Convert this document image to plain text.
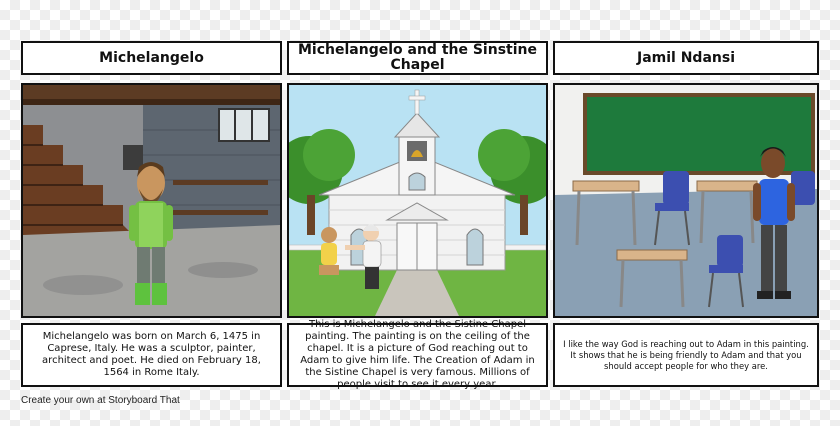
Michelangelo	Michelangelo and the Sinstine Chapel	Jamil Ndansi
Michelangelo was born on March 6, 1475 in Caprese, Italy. He was a sculptor, painter, architect and poet. He died on February 18, 1564 in Rome Italy.
This is Michelangelo and the Sistine Chapel painting. The painting is on the ceiling of the chapel. It is a picture of God reaching out to Adam to give him life. The Creation of Adam in the Sistine Chapel is very famous. Millions of people visit to see it every year.
I like the way God is reaching out to Adam in this painting. It shows that he is being friendly to Adam and that you should accept people for who they are.
Create your own at Storyboard That
